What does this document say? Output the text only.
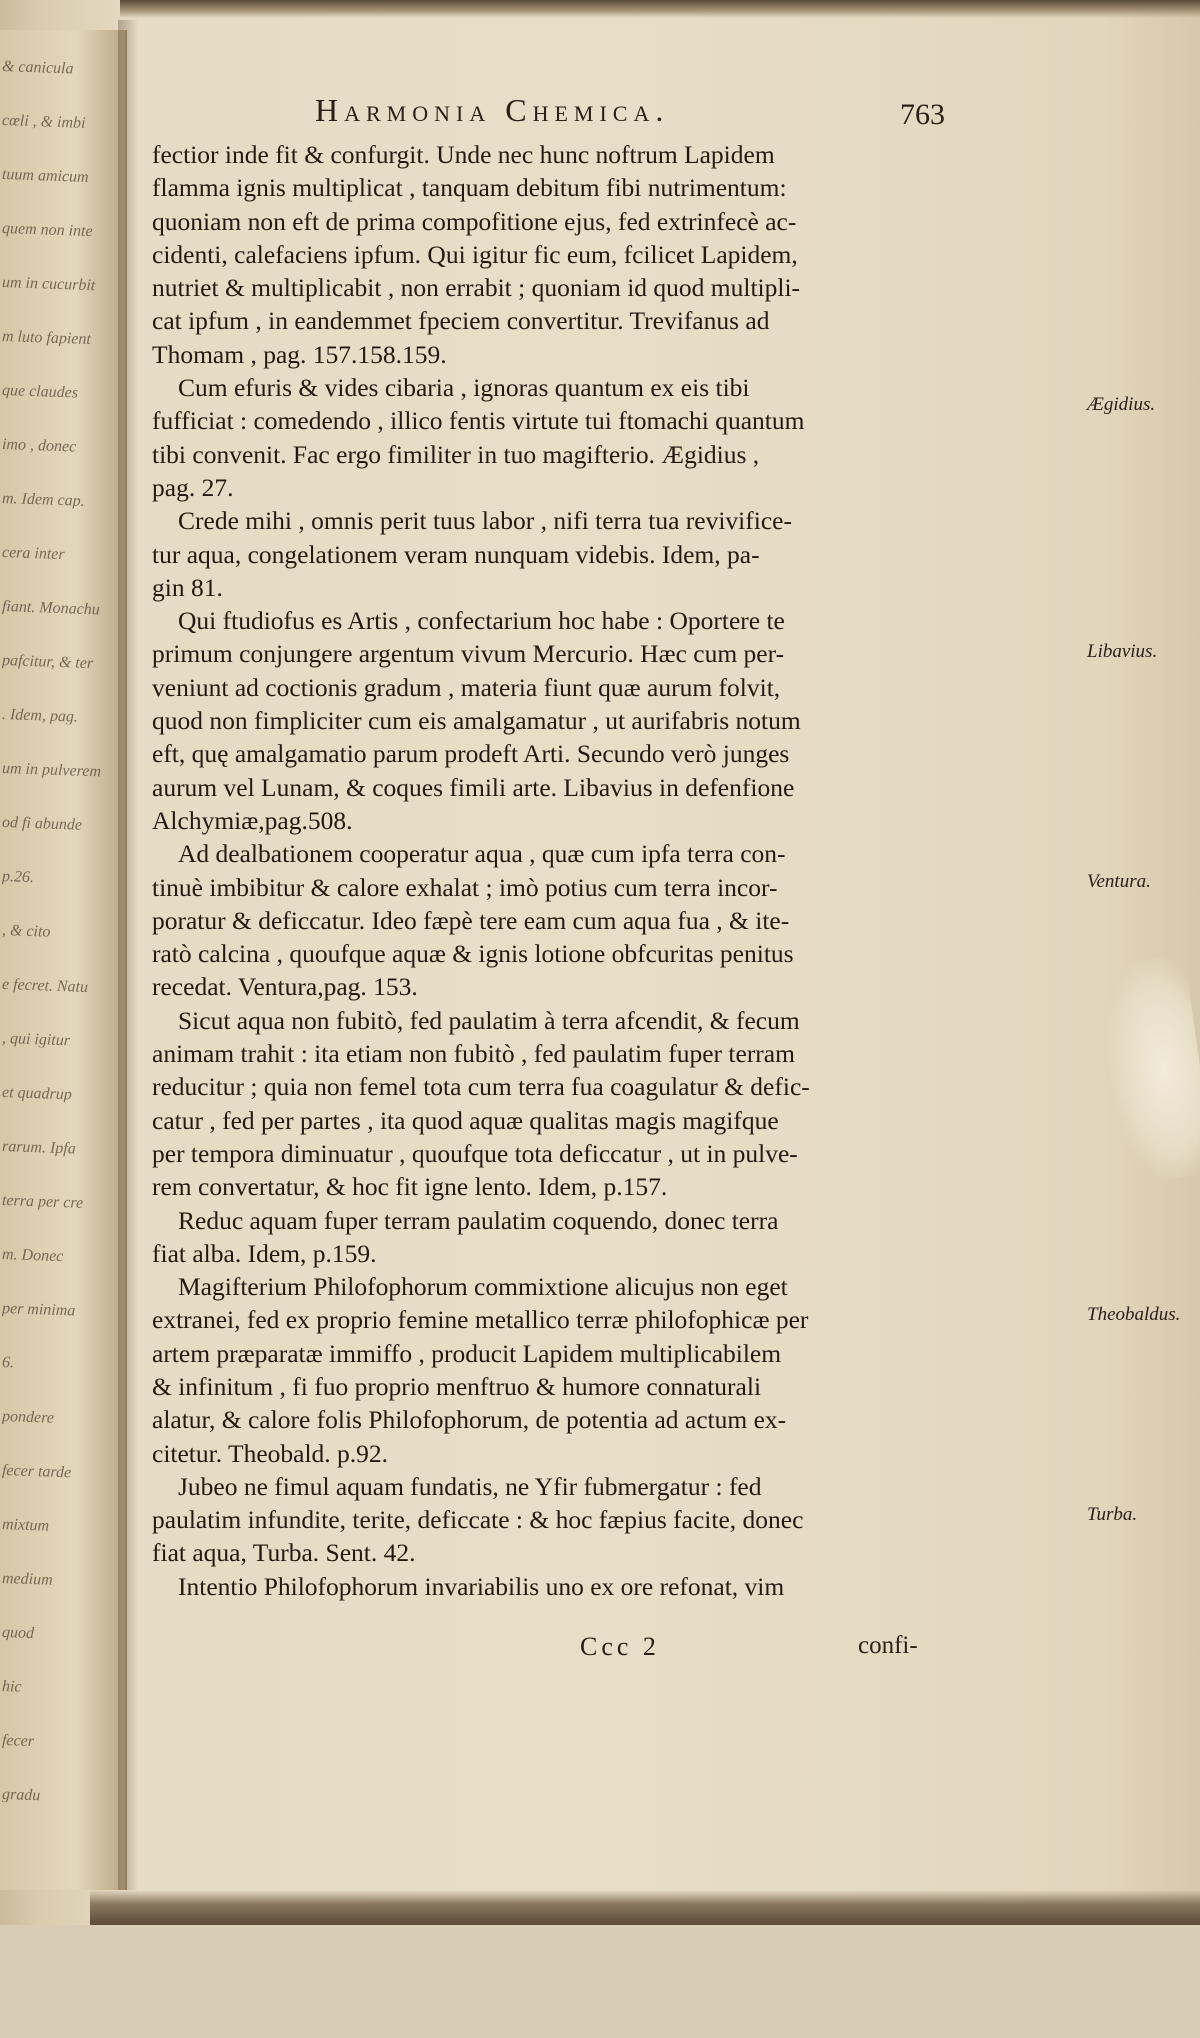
& canicula
cœli , & imbi
tuum amicum
quem non inte
um in cucurbit
m luto fapient
que claudes
imo , donec
m. Idem cap.
cera inter
fiant. Monachu
pafcitur, & ter
. Idem, pag.
um in pulverem
od fi abunde
p.26.
, & cito
e fecret. Natu
, qui igitur
et quadrup
rarum. Ipfa
terra per cre
m. Donec
per minima
6.
pondere
fecer tarde
mixtum
medium
quod
hic
fecer
gradu
Harmonia Chemica.	763
fectior inde fit & confurgit. Unde nec hunc noftrum Lapidem
flamma ignis multiplicat , tanquam debitum fibi nutrimentum:
quoniam non eft de prima compofitione ejus, fed extrinfecè ac-
cidenti, calefaciens ipfum. Qui igitur fic eum, fcilicet Lapidem,
nutriet & multiplicabit , non errabit ; quoniam id quod multipli-
cat ipfum , in eandemmet fpeciem convertitur. Trevifanus ad
Thomam , pag. 157.158.159.
Cum efuris & vides cibaria , ignoras quantum ex eis tibi
fufficiat : comedendo , illico fentis virtute tui ftomachi quantum
tibi convenit. Fac ergo fimiliter in tuo magifterio. Ægidius ,
pag. 27.
Crede mihi , omnis perit tuus labor , nifi terra tua revivifice-
tur aqua, congelationem veram nunquam videbis. Idem, pa-
gin 81.
Qui ftudiofus es Artis , confectarium hoc habe : Oportere te
primum conjungere argentum vivum Mercurio. Hæc cum per-
veniunt ad coctionis gradum , materia fiunt quæ aurum folvit,
quod non fimpliciter cum eis amalgamatur , ut aurifabris notum
eft, quę amalgamatio parum prodeft Arti. Secundo verò junges
aurum vel Lunam, & coques fimili arte. Libavius in defenfione
Alchymiæ,pag.508.
Ad dealbationem cooperatur aqua , quæ cum ipfa terra con-
tinuè imbibitur & calore exhalat ; imò potius cum terra incor-
poratur & deficcatur. Ideo fæpè tere eam cum aqua fua , & ite-
ratò calcina , quoufque aquæ & ignis lotione obfcuritas penitus
recedat. Ventura,pag. 153.
Sicut aqua non fubitò, fed paulatim à terra afcendit, & fecum
animam trahit : ita etiam non fubitò , fed paulatim fuper terram
reducitur ; quia non femel tota cum terra fua coagulatur & defic-
catur , fed per partes , ita quod aquæ qualitas magis magifque
per tempora diminuatur , quoufque tota deficcatur , ut in pulve-
rem convertatur, & hoc fit igne lento. Idem, p.157.
Reduc aquam fuper terram paulatim coquendo, donec terra
fiat alba. Idem, p.159.
Magifterium Philofophorum commixtione alicujus non eget
extranei, fed ex proprio femine metallico terræ philofophicæ per
artem præparatæ immiffo , producit Lapidem multiplicabilem
& infinitum , fi fuo proprio menftruo & humore connaturali
alatur, & calore folis Philofophorum, de potentia ad actum ex-
citetur. Theobald. p.92.
Jubeo ne fimul aquam fundatis, ne Yfir fubmergatur : fed
paulatim infundite, terite, deficcate : & hoc fæpius facite, donec
fiat aqua, Turba. Sent. 42.
Intentio Philofophorum invariabilis uno ex ore refonat, vim
Ægidius.
Libavius.
Ventura.
Theobaldus.
Turba.
Ccc 2	confi-
